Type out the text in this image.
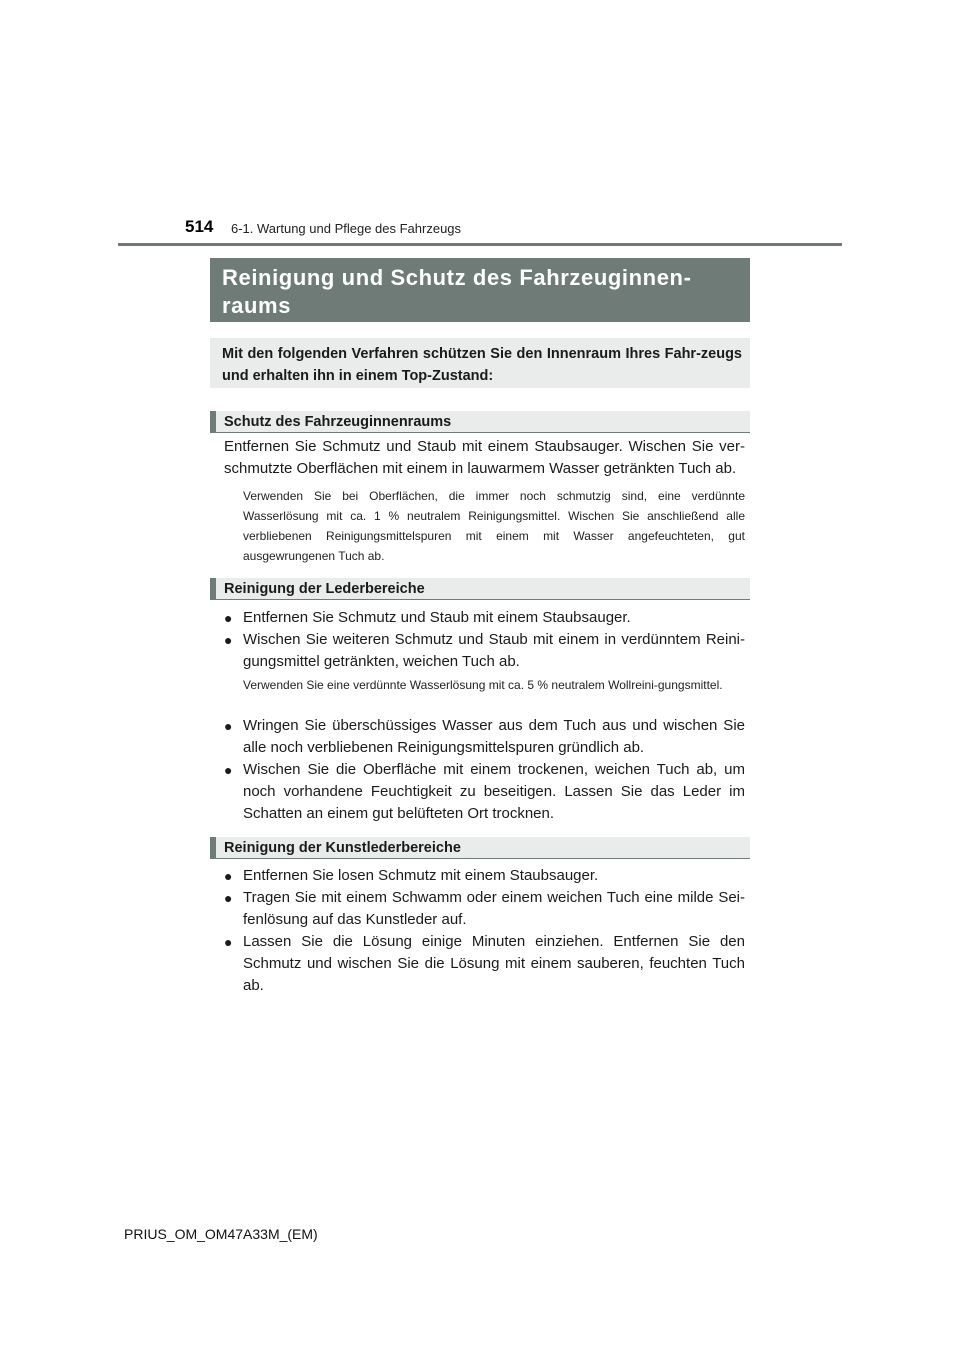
514 6-1. Wartung und Pflege des Fahrzeugs
Reinigung und Schutz des Fahrzeuginnen-raums
Mit den folgenden Verfahren schützen Sie den Innenraum Ihres Fahr-zeugs und erhalten ihn in einem Top-Zustand:
Schutz des Fahrzeuginnenraums

Entfernen Sie Schmutz und Staub mit einem Staubsauger. Wischen Sie ver-schmutzte Oberflächen mit einem in lauwarmem Wasser getränkten Tuch ab.

Verwenden Sie bei Oberflächen, die immer noch schmutzig sind, eine verdünnte Wasserlösung mit ca. 1 % neutralem Reinigungsmittel. Wischen Sie anschließend alle verbliebenen Reinigungsmittelspuren mit einem mit Wasser angefeuchteten, gut ausgewrungenen Tuch ab.

Reinigung der Lederbereiche
● Entfernen Sie Schmutz und Staub mit einem Staubsauger.
● Wischen Sie weiteren Schmutz und Staub mit einem in verdünntem Reini-gungsmittel getränkten, weichen Tuch ab.

Verwenden Sie eine verdünnte Wasserlösung mit ca. 5 % neutralem Wollreini-gungsmittel.

● Wringen Sie überschüssiges Wasser aus dem Tuch aus und wischen Sie alle noch verbliebenen Reinigungsmittelspuren gründlich ab.
● Wischen Sie die Oberfläche mit einem trockenen, weichen Tuch ab, um noch vorhandene Feuchtigkeit zu beseitigen. Lassen Sie das Leder im Schatten an einem gut belüfteten Ort trocknen.
Reinigung der Kunstlederbereiche
● Entfernen Sie losen Schmutz mit einem Staubsauger.
● Tragen Sie mit einem Schwamm oder einem weichen Tuch eine milde Sei-fenlösung auf das Kunstleder auf.
● Lassen Sie die Lösung einige Minuten einziehen. Entfernen Sie den Schmutz und wischen Sie die Lösung mit einem sauberen, feuchten Tuch ab.
PRIUS_OM_OM47A33M_(EM)
